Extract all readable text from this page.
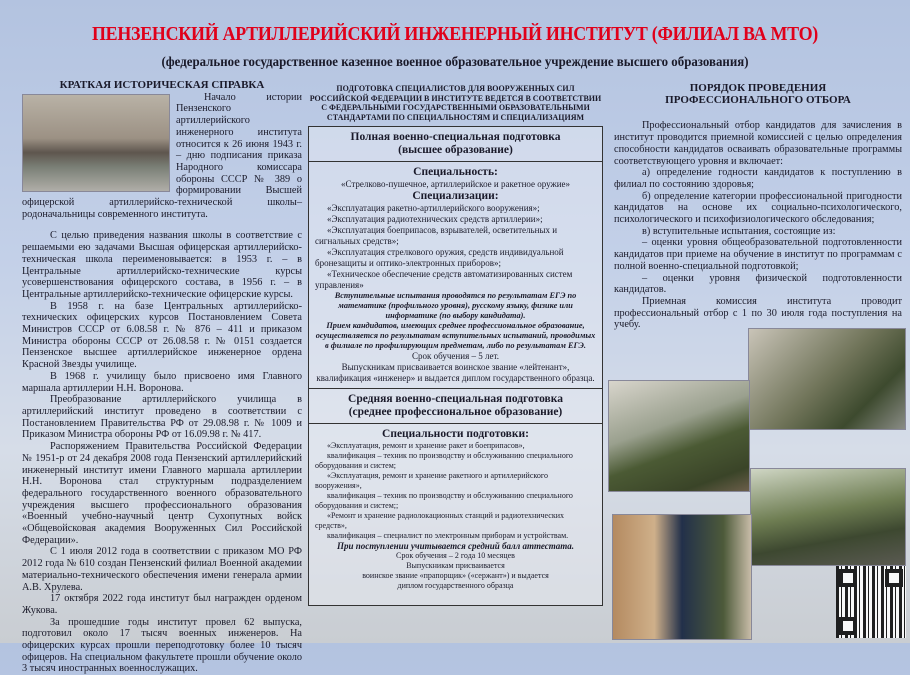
ПЕНЗЕНСКИЙ АРТИЛЛЕРИЙСКИЙ ИНЖЕНЕРНЫЙ ИНСТИТУТ (ФИЛИАЛ ВА МТО)
(федеральное государственное казенное военное образовательное учреждение высшего образования)
КРАТКАЯ ИСТОРИЧЕСКАЯ СПРАВКА

Начало истории Пензенского артиллерийского инженерного института относится к 26 июня 1943 г. – дню подписания приказа Народного комиссара обороны СССР № 389 о формировании Высшей офицерской артиллерийско-технической школы–родоначальницы современного института.

С целью приведения названия школы в соответствие с решаемыми ею задачами Высшая офицерская артиллерийско-техническая школа переименовывается: в 1953 г. – в Центральные артиллерийско-технические курсы усовершенствования офицерского состава, в 1956 г. – в Центральные артиллерийско-технические офицерские курсы.

В 1958 г. на базе Центральных артиллерийско-технических офицерских курсов Постановлением Совета Министров СССР от 6.08.58 г. № 876 – 411 и приказом Министра обороны СССР от 26.08.58 г. № 0151 создается Пензенское высшее артиллерийское инженерное ордена Красной Звезды училище.

В 1968 г. училищу было присвоено имя Главного маршала артиллерии Н.Н. Воронова.

Преобразование артиллерийского училища в артиллерийский институт проведено в соответствии с Постановлением Правительства РФ от 29.08.98 г. № 1009 и Приказом Министра обороны РФ от 16.09.98 г. № 417.

Распоряжением Правительства Российской Федерации № 1951-р от 24 декабря 2008 года Пензенский артиллерийский инженерный институт имени Главного маршала артиллерии Н.Н. Воронова стал структурным подразделением федерального государственного военного образовательного учреждения высшего профессионального образования «Военный учебно-научный центр Сухопутных войск «Общевойсковая академия Вооруженных Сил Российской Федерации».

С 1 июля 2012 года в соответствии с приказом МО РФ 2012 года № 610 создан Пензенский филиал Военной академии материально-технического обеспечения имени генерала армии А.В. Хрулева.

17 октября 2022 года институт был награжден орденом Жукова.

За прошедшие годы институт провел 62 выпуска, подготовил около 17 тысяч военных инженеров. На офицерских курсах прошли переподготовку более 10 тысяч офицеров. На специальном факультете прошли обучение около 3 тысяч иностранных военнослужащих.

ПОДГОТОВКА СПЕЦИАЛИСТОВ ДЛЯ ВООРУЖЕННЫХ СИЛ РОССИЙСКОЙ ФЕДЕРАЦИИ В ИНСТИТУТЕ ВЕДЕТСЯ В СООТВЕТСТВИИ С ФЕДЕРАЛЬНЫМИ ГОСУДАРСТВЕННЫМИ ОБРАЗОВАТЕЛЬНЫМИ СТАНДАРТАМИ ПО СПЕЦИАЛЬНОСТЯМ И СПЕЦИАЛИЗАЦИЯМ
Полная военно-специальная подготовка
(высшее образование)
Специальность:
«Стрелково-пушечное, артиллерийское и ракетное оружие»
Специализации:
«Эксплуатация ракетно-артиллерийского вооружения»;
«Эксплуатация радиотехнических средств артиллерии»;
«Эксплуатация боеприпасов, взрывателей, осветительных и сигнальных средств»;
«Эксплуатация стрелкового оружия, средств индивидуальной бронезащиты и оптико-электронных приборов»;
«Техническое обеспечение средств автоматизированных систем управления»
Вступительные испытания проводятся по результатам ЕГЭ по математике (профильного уровня), русскому языку, физике или информатике (по выбору кандидата).
Прием кандидатов, имеющих среднее профессиональное образование, осуществляется по результатам вступительных испытаний, проводимых в филиале по профилирующим предметам, либо по результатам ЕГЭ.
Срок обучения – 5 лет.
Выпускникам присваивается воинское звание «лейтенант», квалификация «инженер» и выдается диплом государственного образца.
Средняя военно-специальная подготовка
(среднее профессиональное образование)
Специальности подготовки:
«Эксплуатация, ремонт и хранение ракет и боеприпасов»,
квалификация – техник по производству и обслуживанию специального оборудования и систем;
«Эксплуатация, ремонт и хранение ракетного и артиллерийского вооружения»,
квалификация – техник по производству и обслуживанию специального оборудования и систем;;
«Ремонт и хранение радиолокационных станций и радиотехнических средств»,
квалификация – специалист по электронным приборам и устройствам.
При поступлении учитывается средний балл аттестата.
Срок обучения – 2 года 10 месяцев
Выпускникам присваивается
воинское звание «прапорщик» («сержант») и выдается
диплом государственного образца
ПОРЯДОК ПРОВЕДЕНИЯ
ПРОФЕССИОНАЛЬНОГО ОТБОРА

Профессиональный отбор кандидатов для зачисления в институт проводится приемной комиссией с целью определения способности кандидатов осваивать образовательные программы соответствующего уровня и включает:

а) определение годности кандидатов к поступлению в филиал по состоянию здоровья;

б) определение категории профессиональной пригодности кандидатов на основе их социально-психологического, психологического и психофизиологического обследования;

в) вступительные испытания, состоящие из:

– оценки уровня общеобразовательной подготовленности кандидатов при приеме на обучение в институт по программам с полной военно-специальной подготовкой;

– оценки уровня физической подготовленности кандидатов.

Приемная комиссия института проводит профессиональный отбор с 1 по 30 июля года поступления на учебу.
